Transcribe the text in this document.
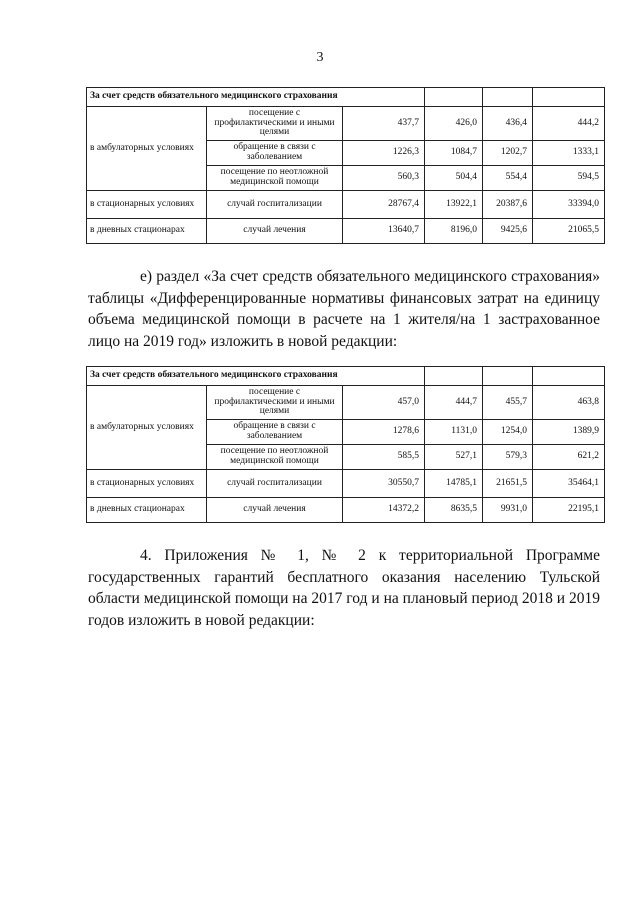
3
За счет средств обязательного медицинского страхования					
в амбулаторных условиях	посещение с профилактическими и иными целями	437,7	426,0	436,4	444,2
	обращение в связи с заболеванием	1226,3	1084,7	1202,7	1333,1
	посещение по неотложной медицинской помощи	560,3	504,4	554,4	594,5
в стационарных условиях	случай госпитализации	28767,4	13922,1	20387,6	33394,0
в дневных стационарах	случай лечения	13640,7	8196,0	9425,6	21065,5

е) раздел «За счет средств обязательного медицинского страхования» таблицы «Дифференцированные нормативы финансовых затрат на единицу объема медицинской помощи в расчете на 1 жителя/на 1 застрахованное лицо на 2019 год» изложить в новой редакции:

За счет средств обязательного медицинского страхования					
в амбулаторных условиях	посещение с профилактическими и иными целями	457,0	444,7	455,7	463,8
	обращение в связи с заболеванием	1278,6	1131,0	1254,0	1389,9
	посещение по неотложной медицинской помощи	585,5	527,1	579,3	621,2
в стационарных условиях	случай госпитализации	30550,7	14785,1	21651,5	35464,1
в дневных стационарах	случай лечения	14372,2	8635,5	9931,0	22195,1

4. Приложения № 1, № 2 к территориальной Программе государственных гарантий бесплатного оказания населению Тульской области медицинской помощи на 2017 год и на плановый период 2018 и 2019 годов изложить в новой редакции:
